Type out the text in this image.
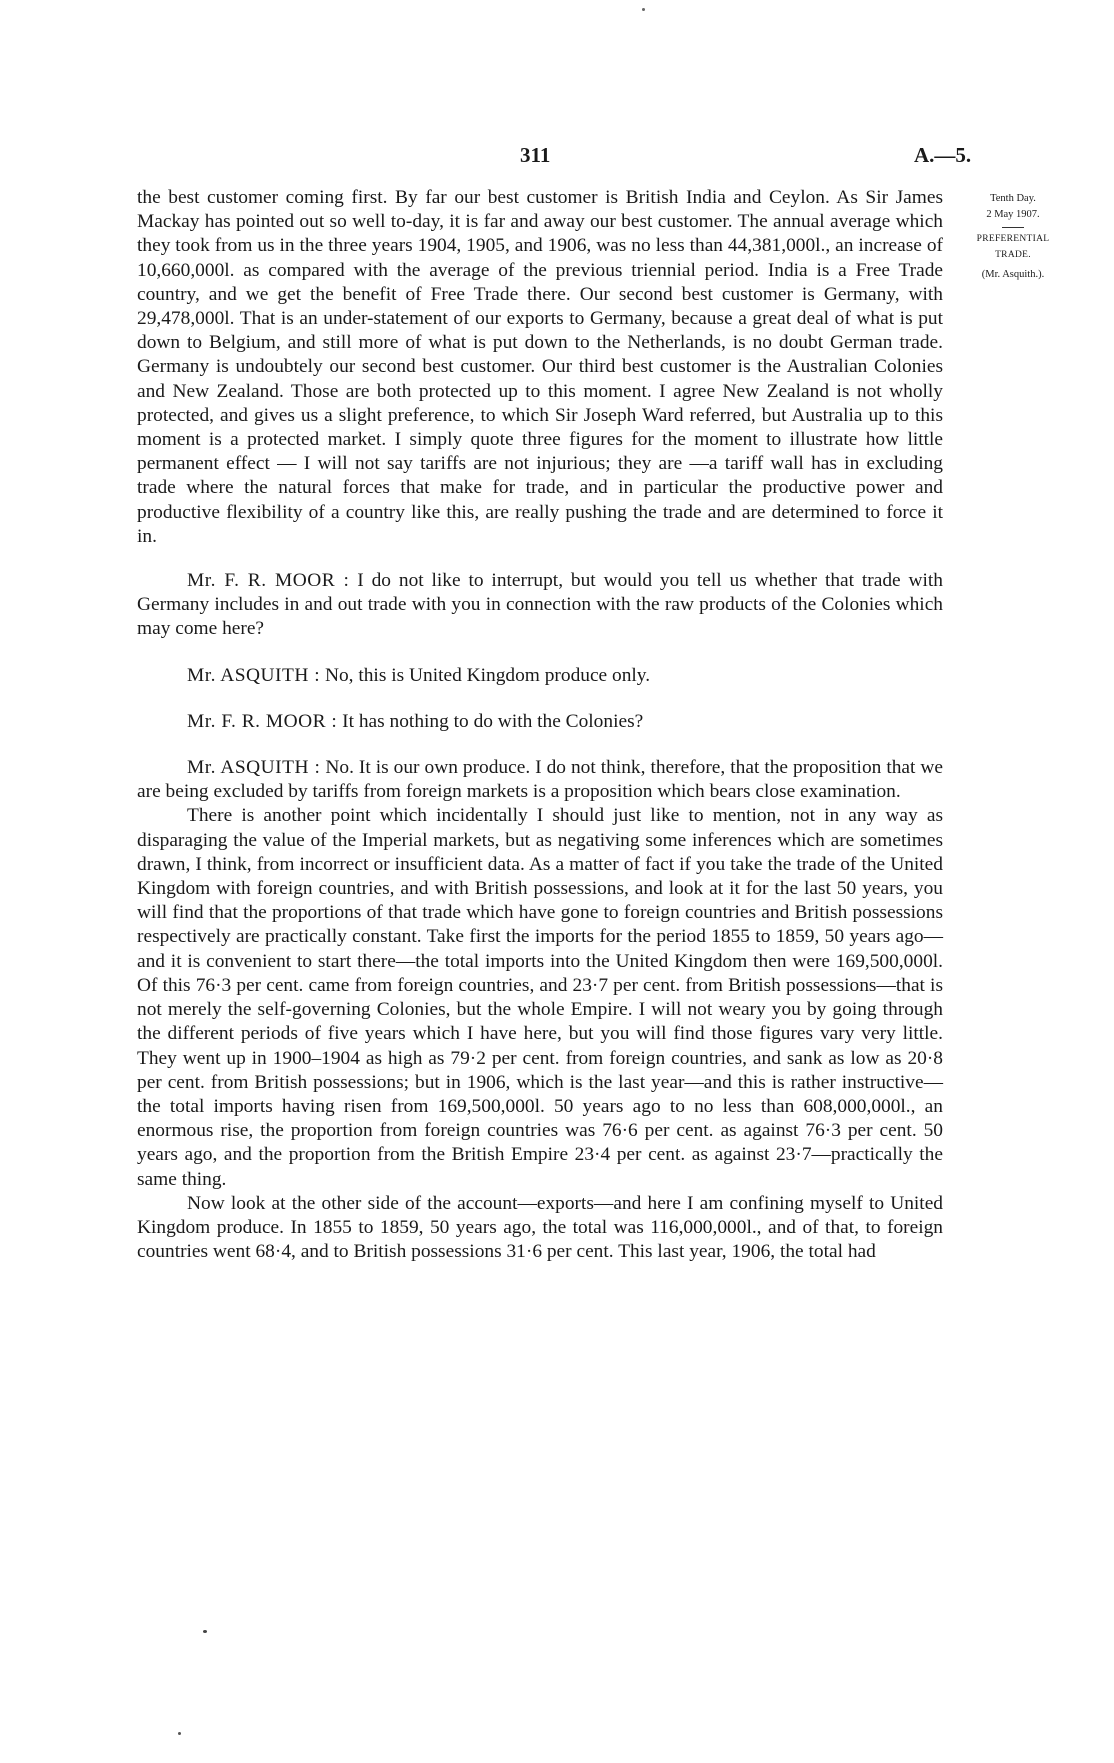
311	A.—5.
Tenth Day.
2 May 1907.
PREFERENTIAL
TRADE.
(Mr. Asquith.).

the best customer coming first. By far our best customer is British India and Ceylon. As Sir James Mackay has pointed out so well to-day, it is far and away our best customer. The annual average which they took from us in the three years 1904, 1905, and 1906, was no less than 44,381,000l., an increase of 10,660,000l. as compared with the average of the previous triennial period. India is a Free Trade country, and we get the benefit of Free Trade there. Our second best customer is Germany, with 29,478,000l. That is an under-statement of our exports to Germany, because a great deal of what is put down to Belgium, and still more of what is put down to the Netherlands, is no doubt German trade. Germany is undoubtely our second best customer. Our third best customer is the Australian Colonies and New Zealand. Those are both protected up to this moment. I agree New Zealand is not wholly protected, and gives us a slight preference, to which Sir Joseph Ward referred, but Australia up to this moment is a protected market. I simply quote three figures for the moment to illustrate how little permanent effect — I will not say tariffs are not injurious; they are —a tariff wall has in excluding trade where the natural forces that make for trade, and in particular the productive power and productive flexibility of a country like this, are really pushing the trade and are determined to force it in.

Mr. F. R. MOOR : I do not like to interrupt, but would you tell us whether that trade with Germany includes in and out trade with you in connection with the raw products of the Colonies which may come here?

Mr. ASQUITH : No, this is United Kingdom produce only.

Mr. F. R. MOOR : It has nothing to do with the Colonies?

Mr. ASQUITH : No. It is our own produce. I do not think, therefore, that the proposition that we are being excluded by tariffs from foreign markets is a proposition which bears close examination.

There is another point which incidentally I should just like to mention, not in any way as disparaging the value of the Imperial markets, but as negativing some inferences which are sometimes drawn, I think, from incorrect or insufficient data. As a matter of fact if you take the trade of the United Kingdom with foreign countries, and with British possessions, and look at it for the last 50 years, you will find that the proportions of that trade which have gone to foreign countries and British possessions respectively are practically constant. Take first the imports for the period 1855 to 1859, 50 years ago—and it is convenient to start there—the total imports into the United Kingdom then were 169,500,000l. Of this 76·3 per cent. came from foreign countries, and 23·7 per cent. from British possessions—that is not merely the self-governing Colonies, but the whole Empire. I will not weary you by going through the different periods of five years which I have here, but you will find those figures vary very little. They went up in 1900–1904 as high as 79·2 per cent. from foreign countries, and sank as low as 20·8 per cent. from British possessions; but in 1906, which is the last year—and this is rather instructive—the total imports having risen from 169,500,000l. 50 years ago to no less than 608,000,000l., an enormous rise, the proportion from foreign countries was 76·6 per cent. as against 76·3 per cent. 50 years ago, and the proportion from the British Empire 23·4 per cent. as against 23·7—practically the same thing.

Now look at the other side of the account—exports—and here I am confining myself to United Kingdom produce. In 1855 to 1859, 50 years ago, the total was 116,000,000l., and of that, to foreign countries went 68·4, and to British possessions 31·6 per cent. This last year, 1906, the total had
